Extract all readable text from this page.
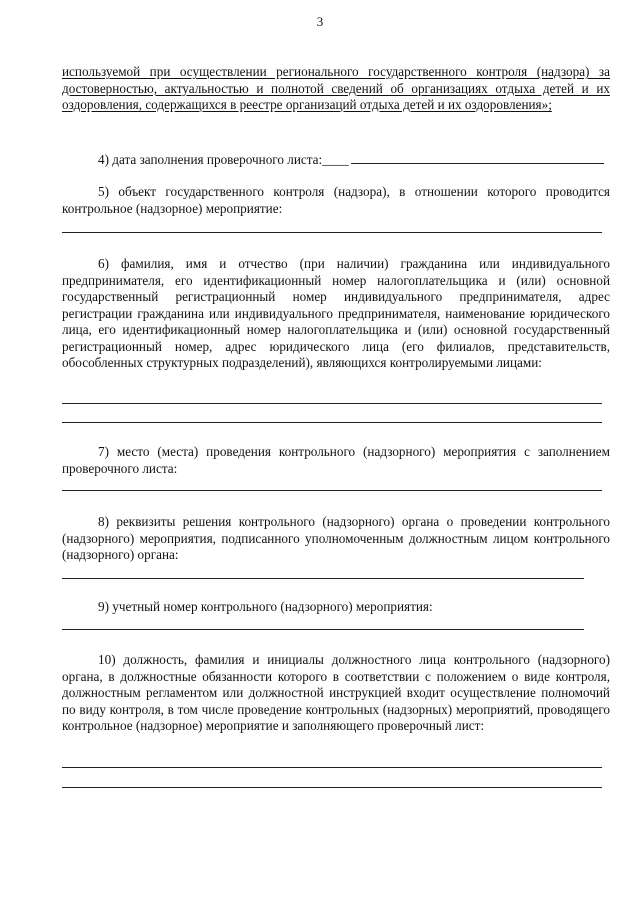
3

используемой при осуществлении регионального государственного контроля (надзора) за достоверностью, актуальностью и полнотой сведений об организациях отдыха детей и их оздоровления, содержащихся в реестре организаций отдыха детей и их оздоровления»;

4) дата заполнения проверочного листа:____

5) объект государственного контроля (надзора), в отношении которого проводится контрольное (надзорное) мероприятие:

6) фамилия, имя и отчество (при наличии) гражданина или индивидуального предпринимателя, его идентификационный номер налогоплательщика и (или) основной государственный регистрационный номер индивидуального предпринимателя, адрес регистрации гражданина или индивидуального предпринимателя, наименование юридического лица, его идентификационный номер налогоплательщика и (или) основной государственный регистрационный номер, адрес юридического лица (его филиалов, представительств, обособленных структурных подразделений), являющихся контролируемыми лицами:

7) место (места) проведения контрольного (надзорного) мероприятия с заполнением проверочного листа:

8) реквизиты решения контрольного (надзорного) органа о проведении контрольного (надзорного) мероприятия, подписанного уполномоченным должностным лицом контрольного (надзорного) органа:

9) учетный номер контрольного (надзорного) мероприятия:

10) должность, фамилия и инициалы должностного лица контрольного (надзорного) органа, в должностные обязанности которого в соответствии с положением о виде контроля, должностным регламентом или должностной инструкцией входит осуществление полномочий по виду контроля, в том числе проведение контрольных (надзорных) мероприятий, проводящего контрольное (надзорное) мероприятие и заполняющего проверочный лист:
